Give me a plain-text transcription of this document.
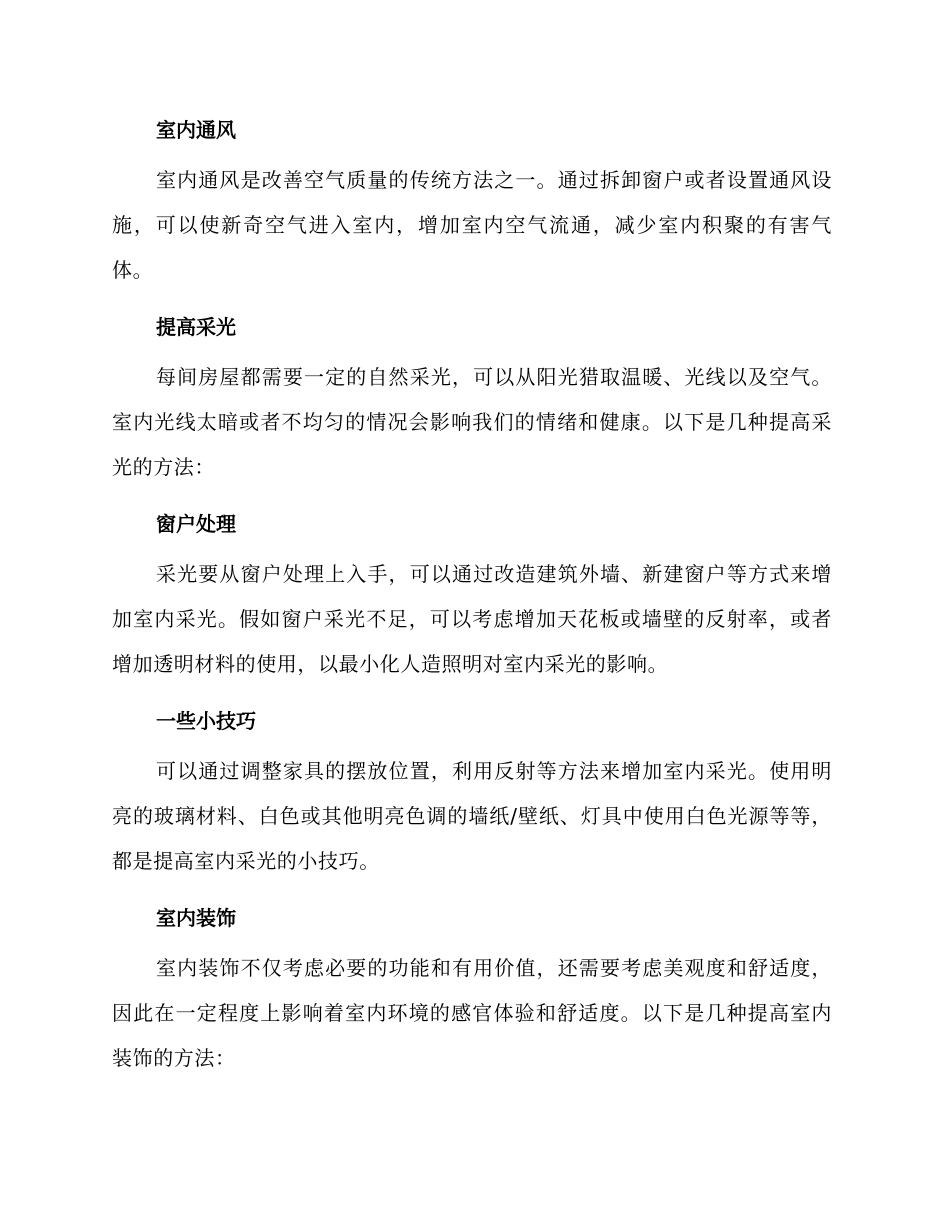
室内通风

室内通风是改善空气质量的传统方法之一。通过拆卸窗户或者设置通风设施，可以使新奇空气进入室内，增加室内空气流通，减少室内积聚的有害气体。

提高采光

每间房屋都需要一定的自然采光，可以从阳光猎取温暖、光线以及空气。室内光线太暗或者不均匀的情况会影响我们的情绪和健康。以下是几种提高采光的方法：

窗户处理

采光要从窗户处理上入手，可以通过改造建筑外墙、新建窗户等方式来增加室内采光。假如窗户采光不足，可以考虑增加天花板或墙壁的反射率，或者增加透明材料的使用，以最小化人造照明对室内采光的影响。

一些小技巧

可以通过调整家具的摆放位置，利用反射等方法来增加室内采光。使用明亮的玻璃材料、白色或其他明亮色调的墙纸/壁纸、灯具中使用白色光源等等，都是提高室内采光的小技巧。

室内装饰

室内装饰不仅考虑必要的功能和有用价值，还需要考虑美观度和舒适度，因此在一定程度上影响着室内环境的感官体验和舒适度。以下是几种提高室内装饰的方法：
